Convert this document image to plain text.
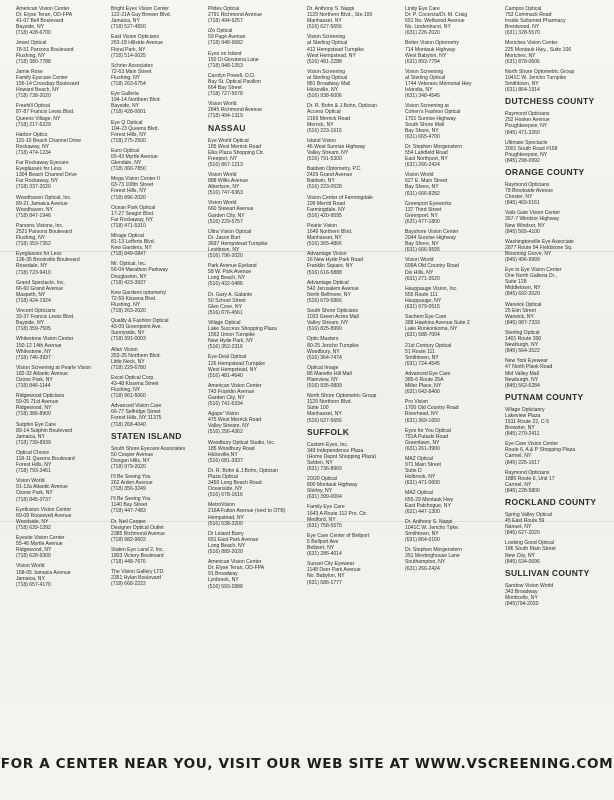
American Vision Center
Dr. Elyse Teran, OD-FPA
41-07 Bell Boulevard
Bayside, NY
(718) 428-6700
Jewel Optical
78-51 Parsons Boulevard
Flushing, NY
(718) 380-7788
Jamie Rose
Family Eyecare Center
156-14 Crossbay Boulevard
Howard Beach, NY
(718) 738-2020
Freehill Optical
87-87 Francis Lewis Blvd.
Queens Village, NY
(718) 217-6229
Harbor Optics
115-10 Beach Channel Drive
Rockaway, NY
(718) 474-1234
Far Rockaway Eyecare
Eyeglasses for Less
1304 Beach Channel Drive
Far Rockaway, NY
(718) 337-2020
Woodhaven Optical, Inc.
89-21 Jamaica Avenue
Woodhaven, NY
(718) 847-1946
Parsons Visions, Inc.
2521 Parsons Boulevard
Flushing, NY
(718) 353-7352
Eyeglasses for Less
136-35 Brookville Boulevard
Rosedale, NY
(718) 723-9410
Grand Spectacle, Inc.
66-60 Grand Avenue
Maspeth, NY
(718) 424-1924
Vincent Opticians
33-37 Francis Lewis Blvd.
Bayside, NY
(718) 359-7505
Whitestone Vision Center
150-12 14th Avenue
Whitestone, NY
(718) 746-3937
Vision Screening at Pearle Vision
182-32 Atlantic Avenue
Ozone Park, NY
(718) 846-1144
Ridgewood Opticians
59-05 71st Avenue
Ridgewood, NY
(718) 386-8900
Sutphin Eye Care
89-14 Sutphin Boulevard
Jamaica, NY
(718) 739-8939
Optical Choice
118-11 Queens Boulevard
Forest Hills, NY
(718) 793-3461
Vision World
91-12a Atlantic Avenue
Ozone Park, NY
(718) 845-3737
Eyellusion Vision Center
69-09 Roosevelt Avenue
Woodside, NY
(718) 639-1392
Eyesite Vision Center
55-46 Myrtle Avenue
Ridgewood, NY
(718) 628-9300
Vision World
168-05 Jamaica Avenue
Jamaica, NY
(718) 657-4170
Bright Eyes Vision Center
122-21A Guy Brewer Blvd.
Jamaica, NY
(718) 527-4550
East Vision Opticians
263-18 Hillside Avenue
Floral Park, NY
(718) 514-0025
Schrier Associates
72-63 Main Street
Flushing, NY
(718) 263-6754
Eye Galleria
194-14 Northern Blvd.
Bayside, NY
(718) 428-0001
Eye Q Optical
104-23 Queens Blvd.
Forest Hills, NY
(718) 275-2500
Euro Optical
65-43 Myrtle Avenue
Glendale, NY
(718) 366-7850
Mega Vision Center II
63-73 108th Street
Forest Hills, NY
(718) 896-2020
Ocean Park Optical
17-27 Seagirt Blvd.
Far Rockaway, NY
(718) 471-5310
Mirage Optical
81-13 Lefferts Blvd.
Kew Gardens, NY
(718) 849-0847
Mr. Optical, Inc.
56-04 Marathon Parkway
Douglaston, NY
(718) 423-3937
Kew Gardens optometry
72-59 Kissena Blvd.
Flushing, NY
(718) 263-2020
Quality & Fashion Optical
43-09 Greenpoint Ave.
Sunnyside, NY
(718) 391-0003
Allan Vision
253-25 Northern Blvd.
Little Neck, NY
(718) 229-6780
Excel Optical Corp.
43-48 Kissena Street
Flushing, NY
(718) 961-5060
Advanced Vision Care
66-77 Selfridge Street
Forest Hills, NY 11375
(718) 268-4040
STATEN ISLAND
South Shore Eyecare Associates
50 Cooper Avenue
Dongan Hills, NY
(718) 979-2020
I'll Be Seeing You
262 Arden Avenue
(718) 356-3249
I'll Be Seeing You
1140 Bay Street
(718) 447-7483
Dr. Neil Cooper
Designer Optical Outlet
2385 Richmond Avenue
(718) 982-9602
Staten Eye Land 2, Inc.
1803 Victory Boulevard
(718) 448-7676
The Vision Gallery LTD.
2351 Hylan Boulevard
(718) 668-2222
Plides Optical
2791 Richmond Avenue
(718) 494-9257
iZo Optical
59 Page Avenue
(718) 948-9682
Eyes on Island
150 Di Giovanna Lane
(718) 948-1353
Carolyn Powell, O.D.
Bay St. Optical Pavilion
664 Bay Street
(718) 727-5678
Vision World
2845 Richmond Avenue
(718) 494-1319
NASSAU
Eye World Optical
185 West Merrick Road
Elks Plaza Shopping Ctr.
Freeport, NY
(516) 867-1213
Vision World
888 Willis Avenue
Albertson, NY
(516) 747-6363
Vision World
660 Stewart Avenue
Garden City, NY
(516) 229-5757
Ultra Vision Optical
Dr. Jason Burt
3697 Hempstead Turnpike
Levittown, NY
(516) 796-2020
Park Avenue Eyeland
58 W. Park Avenue
Long Beach, NY
(516) 432-0486
Dr. Gary A. Galante
50 School Street
Glen Cove, NY
(516) 676-4561
Village Optical
Lake Success Shopping Plaza
1562 Union Turnpike
New Hyde Park, NY
(516) 352-2316
Eye-Deal Optical
126 Hempstead Turnpike
West Hempstead, NY
(516) 481-4640
American Vision Center
743 Franklin Avenue
Garden City, NY
(516) 741-6334
Agape' Vision
475 West Merrick Road
Valley Stream, NY
(516) 256-4362
Woodbury Optical Studio, Inc.
185 Woodbury Road
Hicksville,NY
(516) 681-3937
Dr. R. Bohn & J.Bohn, Optician
Plaza Optical
3450 Long Beach Road
Oceanside, NY
(516) 678-1616
MetroVision
216A Fulton Avenue (next to OTB)
Hempstead, NY
(516) 538-3200
Dr Leland Barry
651 East Park Avenue
Long Beach, NY
(516) 889-2020
American Vision Center
Dr. Elyse Teran, OD-FPA
91 Broadway
Lynbrook, NY
(516) 593-2888
Dr. Anthony S. Nappi
1129 Northern Blvd., Ste.100
Manhasset, NY
(516) 627-5656
Vision Screening
at Sterling Optical
412 Hempstead Turnpike
West Hempstead, NY
(516) 481-2288
Vision Screening
at Sterling Optical
881 Broadway Mall
Hicksville, NY
(516) 938-6006
Dr. R. Bohn & J.Bohn, Optician
Access Optical
2169 Merrick Road
Merrick, NY
(516) 223-1616
Island Vision
46 West Sunrise Highway
Valley Stream, NY
(516) 791-5300
Baldwin Optometry, P.C.
2429 Grand Avenue
Baldwin, NY
(516) 223-0528
Vision Center of Farmingdale
199 Merritt Road
Farmingdale, NY
(516) 420-9595
Pearle Vision
1649 Northern Blvd.
Manhasset, NY
(516) 365-4866
Advantage Vision
16 New Hyde Park Road
Franklin Square, NY
(516) 616-5888
Advantage Optical
542 Jerusalem Avenue
North Bellmore, NY
(516) 679-5866
South Shore Opticians
1033 Green Acres Mall
Valley Stream, NY
(516) 825-8990
Optic Masters
80-25 Jericho Turnpike
Woodbury, NY
(516) 364-7474
Optical Image
86 Manetto Hill Mall
Plainview, NY
(516) 935-0899
North Shore Optometric Group
1129 Northern Blvd.
Suite 100
Manhasset, NY
(516) 627-5656
SUFFOLK
Custom Eyes, Inc.
349 Independence Plaza
(Home Depot Shopping Plaza)
Selden, NY
(631) 736-8969
20/20 Optical
800 Montauk Highway
Shirley, NY
(631) 399-0004
Family Eye Care
1643 A Route 112 Pro. Ctr.
Medford, NY
(631) 758-5575
Eye Care Center of Bellport
5 Bellport Ave
Bellport, NY
(631) 286-4014
Sunset City Eyewear
1148 Deer Park Avenue
No. Babylon, NY
(631) 586-1777
Lindy Eye Care
Dr. P. Cocenza/Dr. M. Craig
651 No. Wellwood Avenue
No. Lindenhurst, NY
(631) 226-2020
Better Vision Optometry
714 Montauk Highway
West Babylon, NY
(631) 893-7794
Vision Screening
at Sterling Optical
1744 Veterans Memorial Hwy
Islandia, NY
(631) 348-4545
Vision Screening at
Cohen's Fashion Optical
1701 Sunrise Highway
South Shore Mall
Bay Shore, NY
(631) 665-4700
Dr. Stephen Morgenstern
554 Larkfield Road
East Northport, NY
(631) 266-2424
Vision World
627 E. Main Street
Bay Shore, NY
(631) 666-8282
Greenport Eyeworks
137 Third Street
Greenport, NY
(631) 477-1800
Bayshore Vision Center
2044 Sunrise Highway
Bay Shore, NY
(631) 666-9595
Vision World
699A Old Country Road
Dix Hills, NY
(631) 271-3520
Hauppauge Vision, Inc.
555 Route 111
Hauppauge, NY
(631) 979-0515
Sachem Eye Care
388 Hawkins Avenue Suite 2
Lake Ronkonkoma, NY
(631) 588-7004
21st Century Optical
51 Route 111
Smithtown, NY
(631) 724-4545
Advanced Eye Care
385-6 Route 25A
Miller Place, NY
(631) 642-8400
Pro Vision
1700 Old Country Road
Riverhead, NY
(631) 369-1650
Eyes for You Optical
751A Pulaski Road
Greenlawn, NY
(631) 261-3900
MAZ Optical
971 Main Street
Suite D
Holbrook, NY
(631) 471-0600
MAZ Optical
655-29 Montauk Hwy
East Patchogue, NY
(631) 447-1300
Dr. Anthony S. Nappi
1041C W. Jericho Tpke.
Smithtown, NY
(631) 864-0100
Dr. Stephen Morgenstern
351 Meetinghouse Lane
Southampton, NY
(631) 266-2424
Campos Optical
753 Commack Road
Inside Sullamed Pharmacy
Brentwood, NY
(631) 328-5570
Moriches Vision Center
225 Montauk Hwy., Suite 106
Moriches, NY
(631) 878-0606
North Shore Optometric Group
1041C W. Jericho Turnpike
Smithtown, NY
(631) 864-1914
DUTCHESS COUNTY
Raymond Opticians
252 Hooker Avenue
Poughkeepsie, NY
(845) 471-3260
Ultimate Spectacle
2001 South Road #158
Poughkeepsie, NY
(845) 298-0992
ORANGE COUNTY
Raymond Opticians
78 Brookside Avenue
Chester, NY
(845) 469-5161
Vails Gate Vision Center
367-7 Windsor Highway
New Windsor, NY
(845) 565-4100
Washingtonville Eye Associate
2877 Route 94 Fieldstone Sq.
Blooming Grove, NY
(845) 496-9999
Eye to Eye Vision Center
One North Galleria Dr.,
Suite 128
Middletown, NY
(845) 692-2020
Warwick Optical
25 Elm Street
Warwick, NY
(845) 987-7333
Sterling Optical
1401 Route 300
Newburgh, NY
(845) 564-3522
New York Eyewear
47 North Plank Road
Mid Valley Mall
Newburgh, NY
(845) 562-6284
PUTNAM COUNTY
Village Opticianry
Lakeview Plaza
1511 Route 22, C-5
Brewster, NY
(845) 279-2411
Eye Care Vision Center
Route 6, A & P Shopping Plaza
Carmel, NY
(845) 225-1617
Raymond Opticians
1880 Route 6, Unit 17
Carmel, NY
(845) 228-5800
ROCKLAND COUNTY
Spring Valley Optical
45 East Route 59
Nanuet, NY
(845) 627-2020
Looking Good Optical
186 South Main Street
New City, NY
(845) 634-0696
SULLIVAN COUNTY
Sandow Vision World
343 Broadway
Monticello, NY
(845)794-2020
FOR A CENTER NEAR YOU, VISIT OUR WEB SITE AT WWW.VSCREENING.COM
